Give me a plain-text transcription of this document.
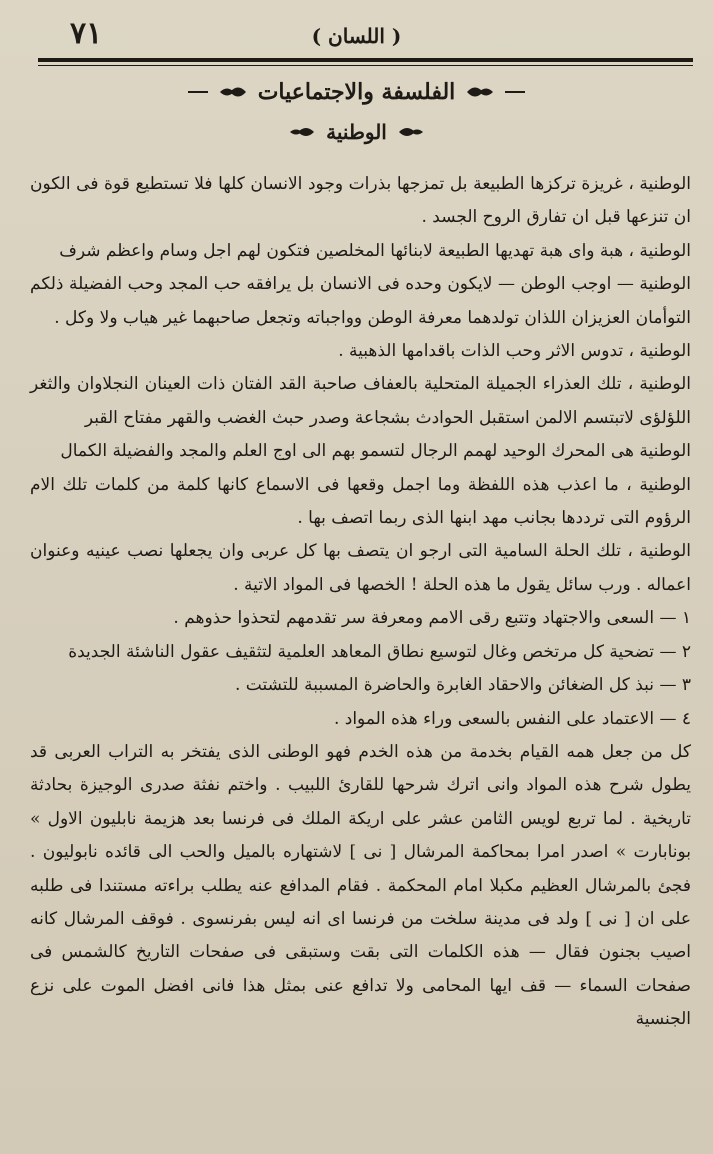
٧١	( اللسان )
الفلسفة والاجتماعيات
الوطنية

الوطنية ، غريزة تركزها الطبيعة بل تمزجها بذرات وجود الانسان كلها فلا تستطيع قوة فى الكون ان تنزعها قبل ان تفارق الروح الجسد .

الوطنية ، هبة واى هبة تهديها الطبيعة لابنائها المخلصين فتكون لهم اجل وسام واعظم شرف

الوطنية — اوجب الوطن — لايكون وحده فى الانسان بل يرافقه حب المجد وحب الفضيلة ذلكم التوأمان العزيزان اللذان تولدهما معرفة الوطن وواجباته وتجعل صاحبهما غير هياب ولا وكل .

الوطنية ، تدوس الاثر وحب الذات باقدامها الذهبية .

الوطنية ، تلك العذراء الجميلة المتحلية بالعفاف صاحبة القد الفتان ذات العينان النجلاوان والثغر اللؤلؤى لاتبتسم الالمن استقبل الحوادث بشجاعة وصدر حبث الغضب والقهر مفتاح القبر

الوطنية هى المحرك الوحيد لهمم الرجال لتسمو بهم الى اوج العلم والمجد والفضيلة الكمال

الوطنية ، ما اعذب هذه اللفظة وما اجمل وقعها فى الاسماع كانها كلمة من كلمات تلك الام الرؤوم التى ترددها بجانب مهد ابنها الذى ربما اتصف بها .

الوطنية ، تلك الحلة السامية التى ارجو ان يتصف بها كل عربى وان يجعلها نصب عينيه وعنوان اعماله . ورب سائل يقول ما هذه الحلة ! الخصها فى المواد الاتية .

١ — السعى والاجتهاد وتتبع رقى الامم ومعرفة سر تقدمهم لتحذوا حذوهم .

٢ — تضحية كل مرتخص وغال لتوسيع نطاق المعاهد العلمية لتثقيف عقول الناشئة الجديدة

٣ — نبذ كل الضغائن والاحقاد الغابرة والحاضرة المسببة للتشتت .

٤ — الاعتماد على النفس بالسعى وراء هذه المواد .

كل من جعل همه القيام بخدمة من هذه الخدم فهو الوطنى الذى يفتخر به التراب العربى قد يطول شرح هذه المواد وانى اترك شرحها للقارئ اللبيب . واختم نفثة صدرى الوجيزة بحادثة تاريخية . لما تربع لويس الثامن عشر على اريكة الملك فى فرنسا بعد هزيمة نابليون الاول » بونابارت » اصدر امرا بمحاكمة المرشال [ نى ] لاشتهاره بالميل والحب الى قائده نابوليون . فجئ بالمرشال العظيم مكبلا امام المحكمة . فقام المدافع عنه يطلب براءته مستندا فى طلبه على ان [ نى ] ولد فى مدينة سلخت من فرنسا اى انه ليس بفرنسوى . فوقف المرشال كانه اصيب بجنون فقال — هذه الكلمات التى بقت وستبقى فى صفحات التاريخ كالشمس فى صفحات السماء — قف ايها المحامى ولا تدافع عنى بمثل هذا فانى افضل الموت على نزع الجنسية
